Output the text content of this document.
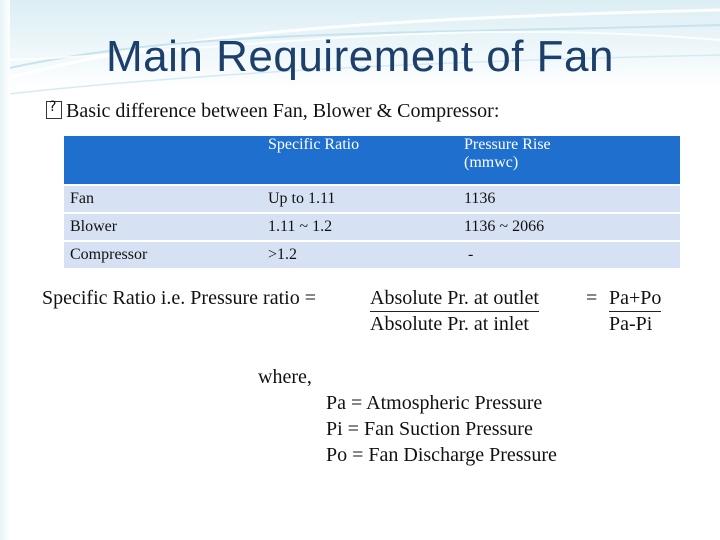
Main Requirement of Fan
?Basic difference between Fan, Blower & Compressor:
	Specific Ratio	Pressure Rise
(mmwc)

Fan	Up to 1.11	1136
Blower	1.11 ~ 1.2	1136 ~ 2066
Compressor	>1.2	-
Specific Ratio i.e. Pressure ratio =	Absolute Pr. at outlet
Absolute Pr. at inlet
= Pa+Po
Pa-Pi
where,
Pa = Atmospheric Pressure
Pi = Fan Suction Pressure
Po = Fan Discharge Pressure
